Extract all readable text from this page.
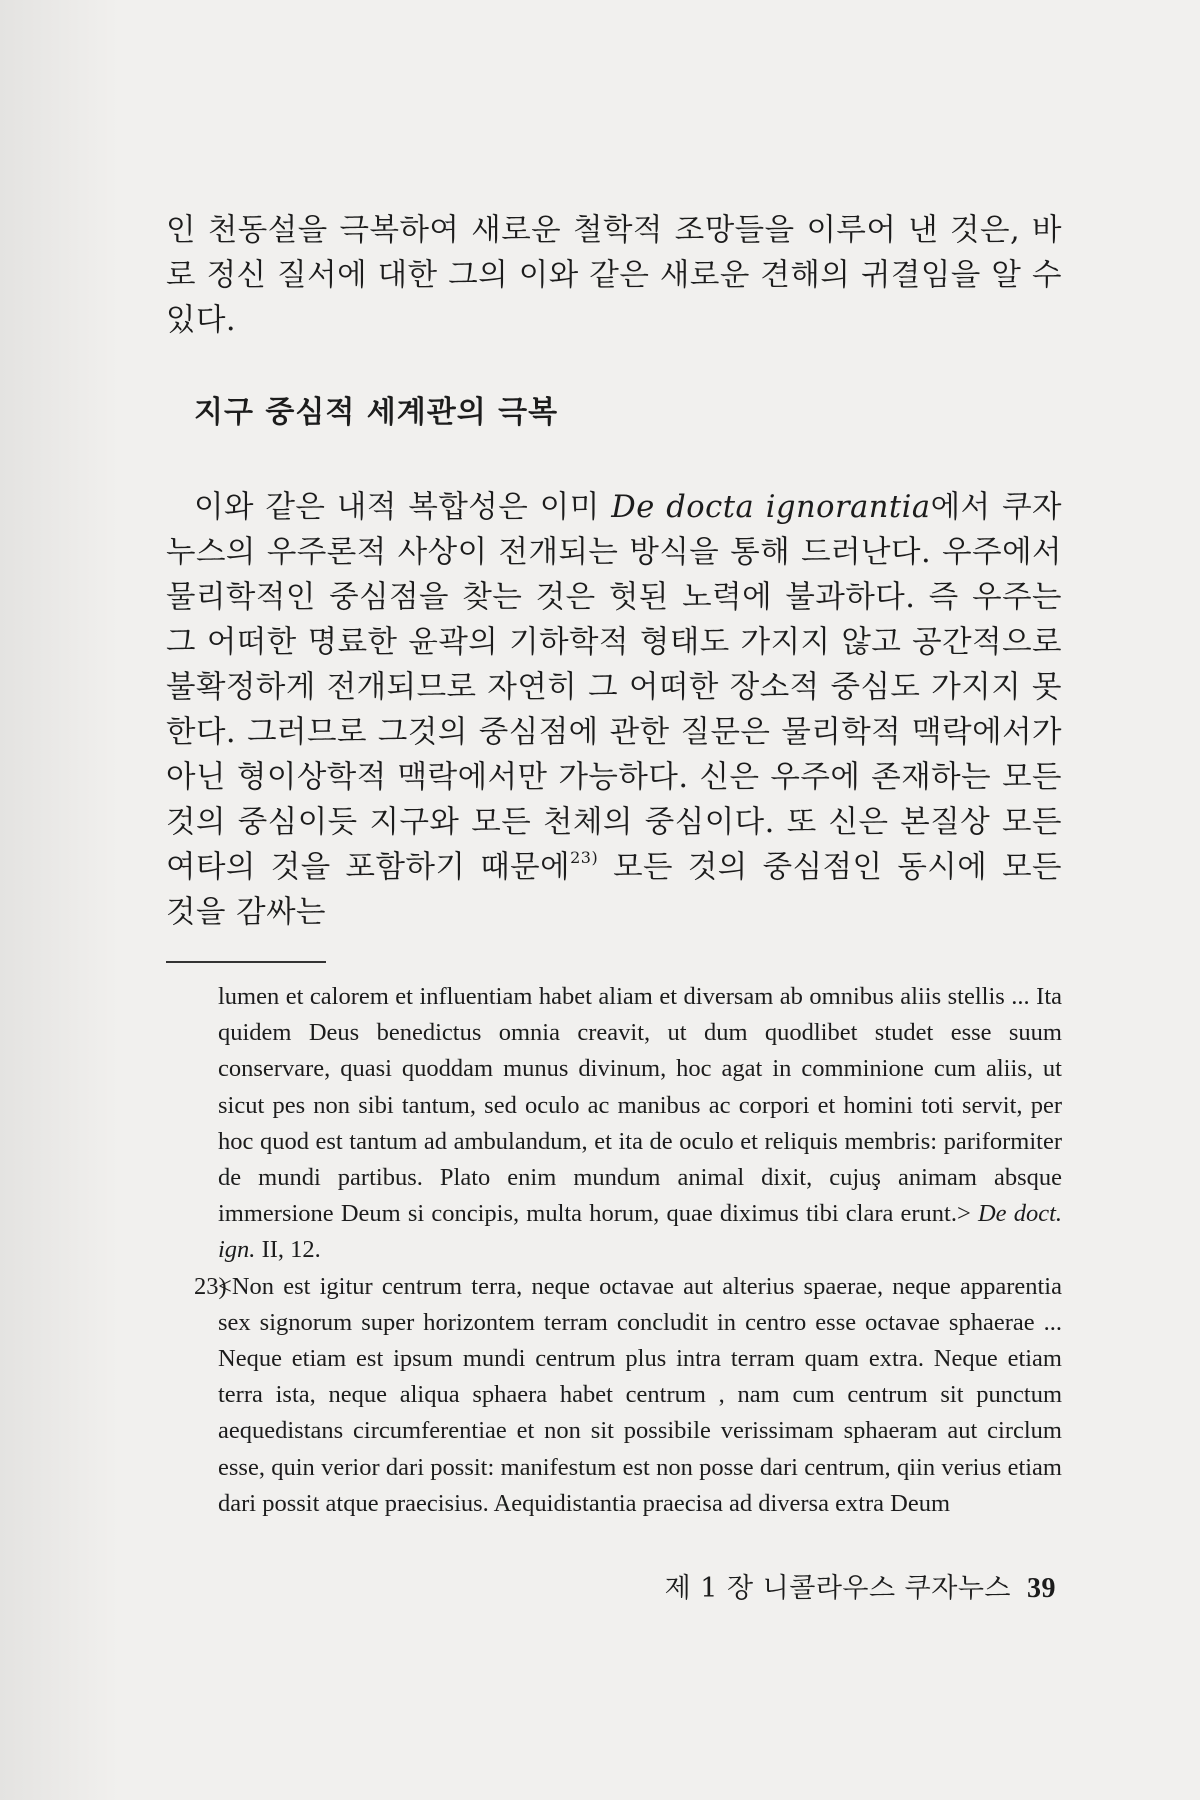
인 천동설을 극복하여 새로운 철학적 조망들을 이루어 낸 것은, 바로 정신 질서에 대한 그의 이와 같은 새로운 견해의 귀결임을 알 수 있다.

지구 중심적 세계관의 극복

이와 같은 내적 복합성은 이미 De docta ignorantia에서 쿠자누스의 우주론적 사상이 전개되는 방식을 통해 드러난다. 우주에서 물리학적인 중심점을 찾는 것은 헛된 노력에 불과하다. 즉 우주는 그 어떠한 명료한 윤곽의 기하학적 형태도 가지지 않고 공간적으로 불확정하게 전개되므로 자연히 그 어떠한 장소적 중심도 가지지 못한다. 그러므로 그것의 중심점에 관한 질문은 물리학적 맥락에서가 아닌 형이상학적 맥락에서만 가능하다. 신은 우주에 존재하는 모든 것의 중심이듯 지구와 모든 천체의 중심이다. 또 신은 본질상 모든 여타의 것을 포함하기 때문에$^{23)}$ 모든 것의 중심점인 동시에 모든 것을 감싸는

lumen et calorem et influentiam habet aliam et diversam ab omnibus aliis stellis ... Ita quidem Deus benedictus omnia creavit, ut dum quodlibet studet esse suum conservare, quasi quoddam munus divinum, hoc agat in comminione cum aliis, ut sicut pes non sibi tantum, sed oculo ac manibus ac corpori et homini toti servit, per hoc quod est tantum ad ambulandum, et ita de oculo et reliquis membris: pariformiter de mundi partibus. Plato enim mundum animal dixit, cujuş animam absque immersione Deum si concipis, multa horum, quae diximus tibi clara erunt.> De doct. ign. II, 12.

23)
<Non est igitur centrum terra, neque octavae aut alterius spaerae, neque apparentia sex signorum super horizontem terram concludit in centro esse octavae sphaerae ... Neque etiam est ipsum mundi centrum plus intra terram quam extra. Neque etiam terra ista, neque aliqua sphaera habet centrum , nam cum centrum sit punctum aequedistans circumferentiae et non sit possibile verissimam sphaeram aut circlum esse, quin verior dari possit: manifestum est non posse dari centrum, qiin verius etiam dari possit atque praecisius. Aequidistantia praecisa ad diversa extra Deum

제 1 장 니콜라우스 쿠자누스 39
